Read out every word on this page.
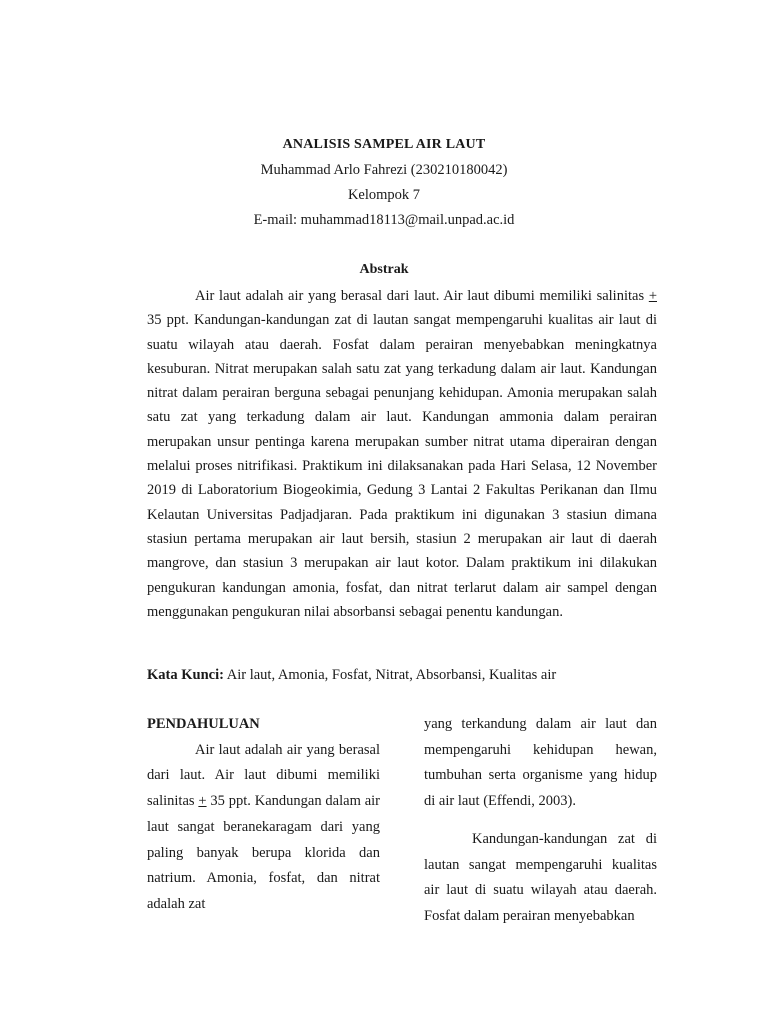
ANALISIS SAMPEL AIR LAUT
Muhammad Arlo Fahrezi (230210180042)
Kelompok 7
E-mail: muhammad18113@mail.unpad.ac.id
Abstrak

Air laut adalah air yang berasal dari laut. Air laut dibumi memiliki salinitas + 35 ppt. Kandungan-kandungan zat di lautan sangat mempengaruhi kualitas air laut di suatu wilayah atau daerah. Fosfat dalam perairan menyebabkan meningkatnya kesuburan. Nitrat merupakan salah satu zat yang terkadung dalam air laut. Kandungan nitrat dalam perairan berguna sebagai penunjang kehidupan. Amonia merupakan salah satu zat yang terkadung dalam air laut. Kandungan ammonia dalam perairan merupakan unsur pentinga karena merupakan sumber nitrat utama diperairan dengan melalui proses nitrifikasi. Praktikum ini dilaksanakan pada Hari Selasa, 12 November 2019 di Laboratorium Biogeokimia, Gedung 3 Lantai 2 Fakultas Perikanan dan Ilmu Kelautan Universitas Padjadjaran. Pada praktikum ini digunakan 3 stasiun dimana stasiun pertama merupakan air laut bersih, stasiun 2 merupakan air laut di daerah mangrove, dan stasiun 3 merupakan air laut kotor. Dalam praktikum ini dilakukan pengukuran kandungan amonia, fosfat, dan nitrat terlarut dalam air sampel dengan menggunakan pengukuran nilai absorbansi sebagai penentu kandungan.

Kata Kunci: Air laut, Amonia, Fosfat, Nitrat, Absorbansi, Kualitas air

PENDAHULUAN

Air laut adalah air yang berasal dari laut. Air laut dibumi memiliki salinitas + 35 ppt. Kandungan dalam air laut sangat beranekaragam dari yang paling banyak berupa klorida dan natrium. Amonia, fosfat, dan nitrat adalah zat

yang terkandung dalam air laut dan mempengaruhi kehidupan hewan, tumbuhan serta organisme yang hidup di air laut (Effendi, 2003).

Kandungan-kandungan zat di lautan sangat mempengaruhi kualitas air laut di suatu wilayah atau daerah. Fosfat dalam perairan menyebabkan
